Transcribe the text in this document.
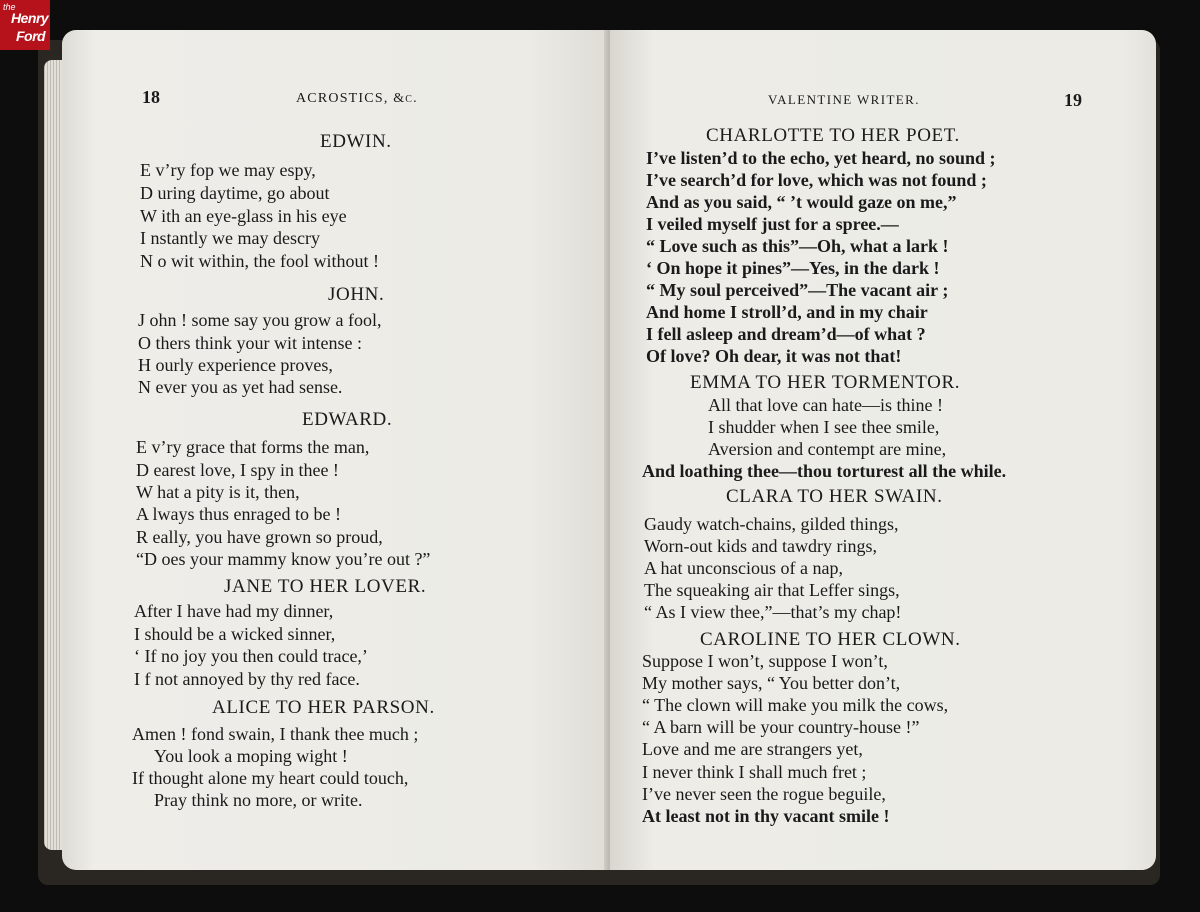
18	ACROSTICS, &c.
EDWIN.
E v’ry fop we may espy,
D uring daytime, go about
W ith an eye-glass in his eye
I nstantly we may descry
N o wit within, the fool without !
JOHN.
J ohn ! some say you grow a fool,
O thers think your wit intense :
H ourly experience proves,
N ever you as yet had sense.
EDWARD.
E v’ry grace that forms the man,
D earest love, I spy in thee !
W hat a pity is it, then,
A lways thus enraged to be !
R eally, you have grown so proud,
“D oes your mammy know you’re out ?”
JANE TO HER LOVER.
After I have had my dinner,
I should be a wicked sinner,
‘ If no joy you then could trace,’
I f not annoyed by thy red face.
ALICE TO HER PARSON.
Amen ! fond swain, I thank thee much ;
You look a moping wight !
If thought alone my heart could touch,
Pray think no more, or write.
VALENTINE WRITER.	19
CHARLOTTE TO HER POET.
I’ve listen’d to the echo, yet heard, no sound ;
I’ve search’d for love, which was not found ;
And as you said, “ ’t would gaze on me,”
I veiled myself just for a spree.—
“ Love such as this”—Oh, what a lark !
‘ On hope it pines”—Yes, in the dark !
“ My soul perceived”—The vacant air ;
And home I stroll’d, and in my chair
I fell asleep and dream’d—of what ?
Of love? Oh dear, it was not that!
EMMA TO HER TORMENTOR.
All that love can hate—is thine !
I shudder when I see thee smile,
Aversion and contempt are mine,
And loathing thee—thou torturest all the while.
CLARA TO HER SWAIN.
Gaudy watch-chains, gilded things,
Worn-out kids and tawdry rings,
A hat unconscious of a nap,
The squeaking air that Leffer sings,
“ As I view thee,”—that’s my chap!
CAROLINE TO HER CLOWN.
Suppose I won’t, suppose I won’t,
My mother says, “ You better don’t,
“ The clown will make you milk the cows,
“ A barn will be your country-house !”
Love and me are strangers yet,
I never think I shall much fret ;
I’ve never seen the rogue beguile,
At least not in thy vacant smile !
the
Henry
Ford
